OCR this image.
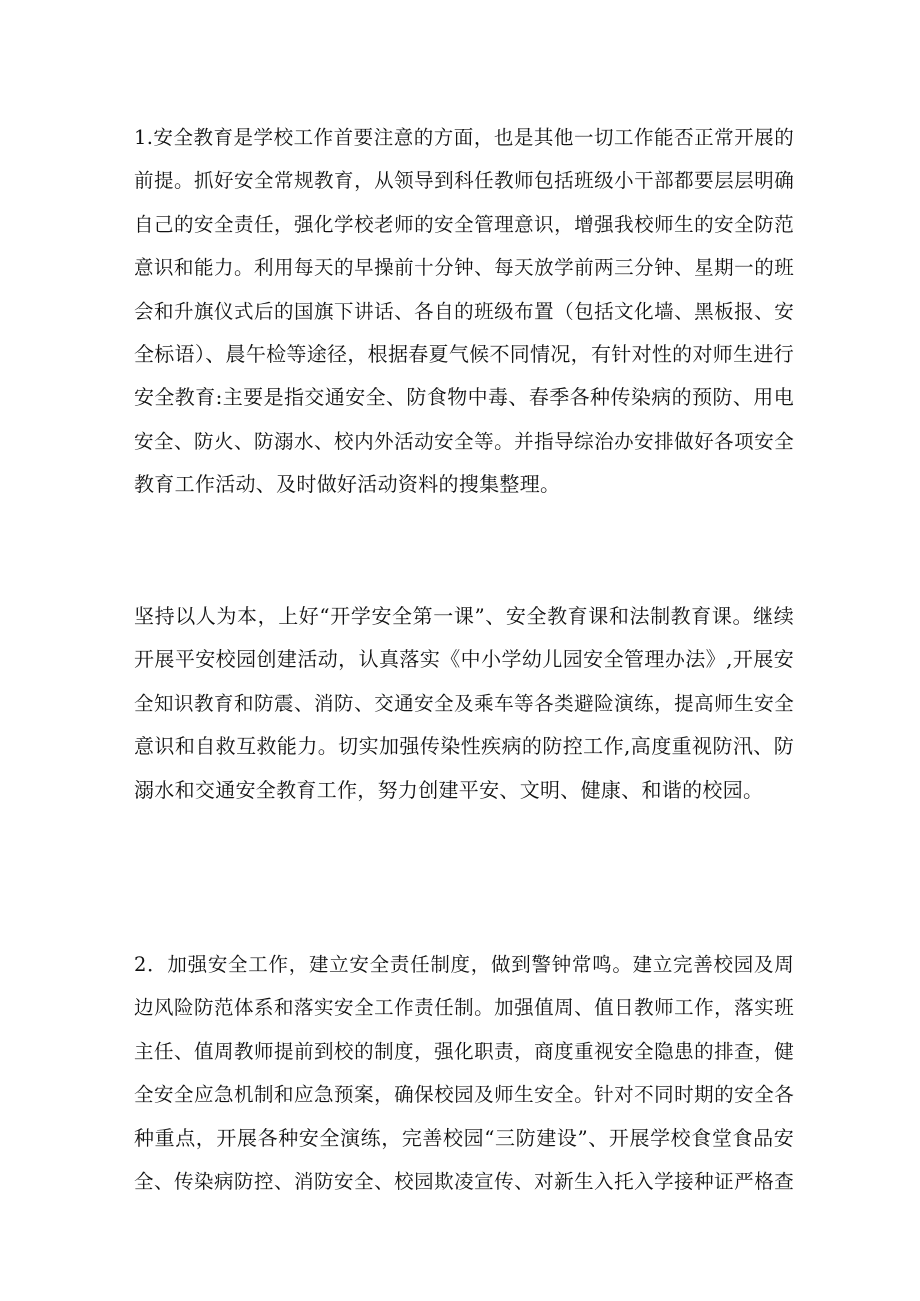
1.安全教育是学校工作首要注意的方面，也是其他一切工作能否正常开展的
前提。抓好安全常规教育，从领导到科任教师包括班级小干部都要层层明确
自己的安全责任，强化学校老师的安全管理意识，增强我校师生的安全防范
意识和能力。利用每天的早操前十分钟、每天放学前两三分钟、星期一的班
会和升旗仪式后的国旗下讲话、各自的班级布置（包括文化墙、黑板报、安
全标语）、晨午检等途径，根据春夏气候不同情况，有针对性的对师生进行
安全教育:主要是指交通安全、防食物中毒、春季各种传染病的预防、用电
安全、防火、防溺水、校内外活动安全等。并指导综治办安排做好各项安全
教育工作活动、及时做好活动资料的搜集整理。
坚持以人为本，上好“开学安全第一课”、安全教育课和法制教育课。继续
开展平安校园创建活动，认真落实《中小学幼儿园安全管理办法》,开展安
全知识教育和防震、消防、交通安全及乘车等各类避险演练，提高师生安全
意识和自救互救能力。切实加强传染性疾病的防控工作,高度重视防汛、防
溺水和交通安全教育工作，努力创建平安、文明、健康、和谐的校园。
2．加强安全工作，建立安全责任制度，做到警钟常鸣。建立完善校园及周
边风险防范体系和落实安全工作责任制。加强值周、值日教师工作，落实班
主任、值周教师提前到校的制度，强化职责，商度重视安全隐患的排查，健
全安全应急机制和应急预案，确保校园及师生安全。针对不同时期的安全各
种重点，开展各种安全演练，完善校园“三防建设”、开展学校食堂食品安
全、传染病防控、消防安全、校园欺凌宣传、对新生入托入学接种证严格查
